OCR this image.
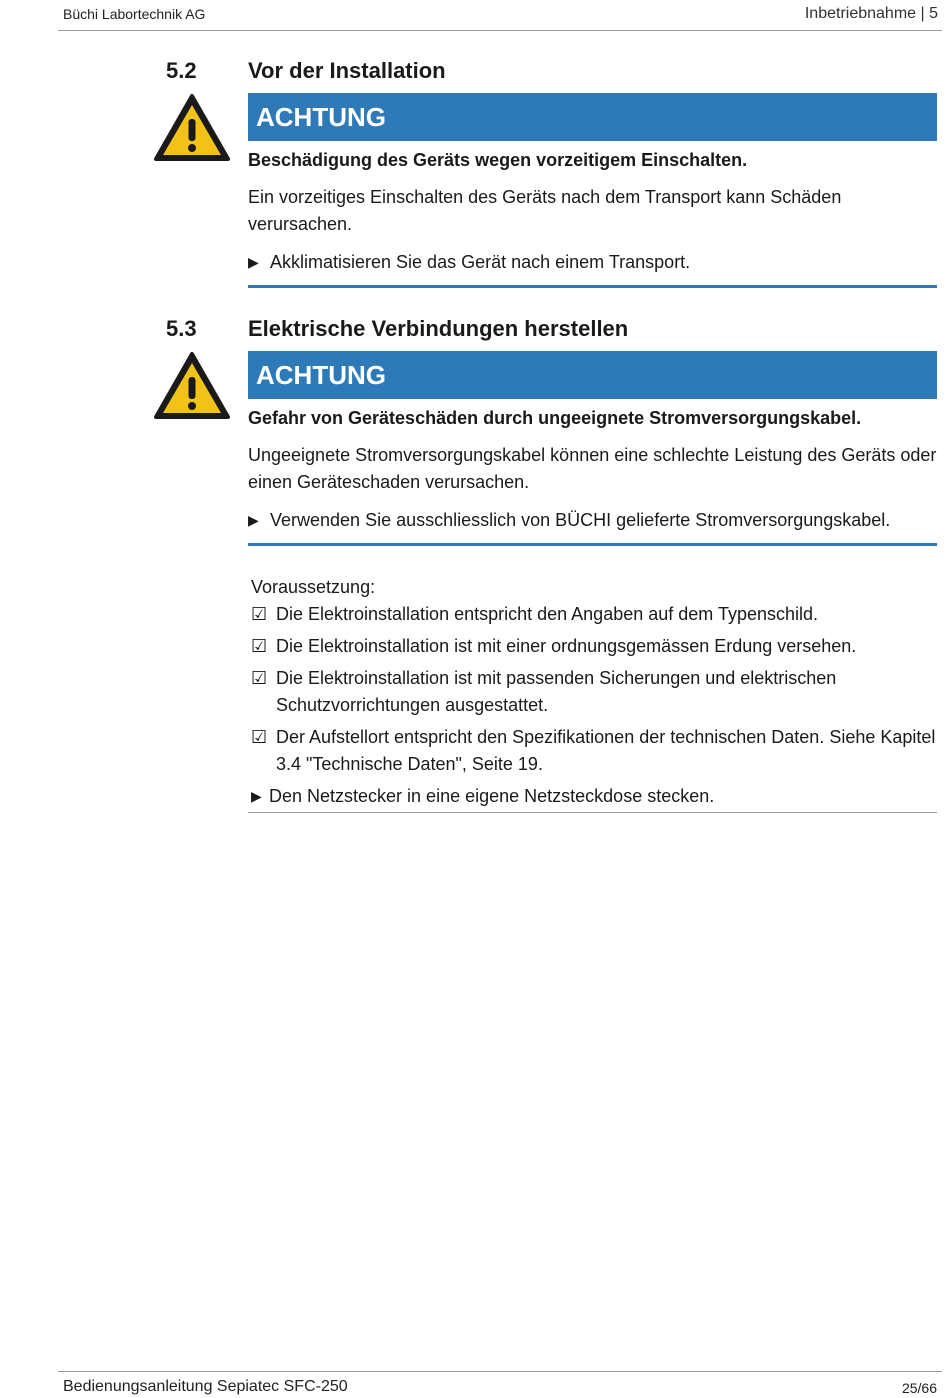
Büchi Labortechnik AG	Inbetriebnahme | 5
5.2 Vor der Installation
ACHTUNG
Beschädigung des Geräts wegen vorzeitigem Einschalten.
Ein vorzeitiges Einschalten des Geräts nach dem Transport kann Schäden verursachen.
▶ Akklimatisieren Sie das Gerät nach einem Transport.
5.3 Elektrische Verbindungen herstellen
ACHTUNG
Gefahr von Geräteschäden durch ungeeignete Stromversorgungskabel.
Ungeeignete Stromversorgungskabel können eine schlechte Leistung des Geräts oder einen Geräteschaden verursachen.
▶ Verwenden Sie ausschliesslich von BÜCHI gelieferte Stromversorgungskabel.
Voraussetzung:
☑ Die Elektroinstallation entspricht den Angaben auf dem Typenschild.
☑ Die Elektroinstallation ist mit einer ordnungsgemässen Erdung versehen.
☑ Die Elektroinstallation ist mit passenden Sicherungen und elektrischen Schutzvorrichtungen ausgestattet.
☑ Der Aufstellort entspricht den Spezifikationen der technischen Daten. Siehe Kapitel 3.4 "Technische Daten", Seite 19.
▶ Den Netzstecker in eine eigene Netzsteckdose stecken.
Bedienungsanleitung Sepiatec SFC-250	25/66
